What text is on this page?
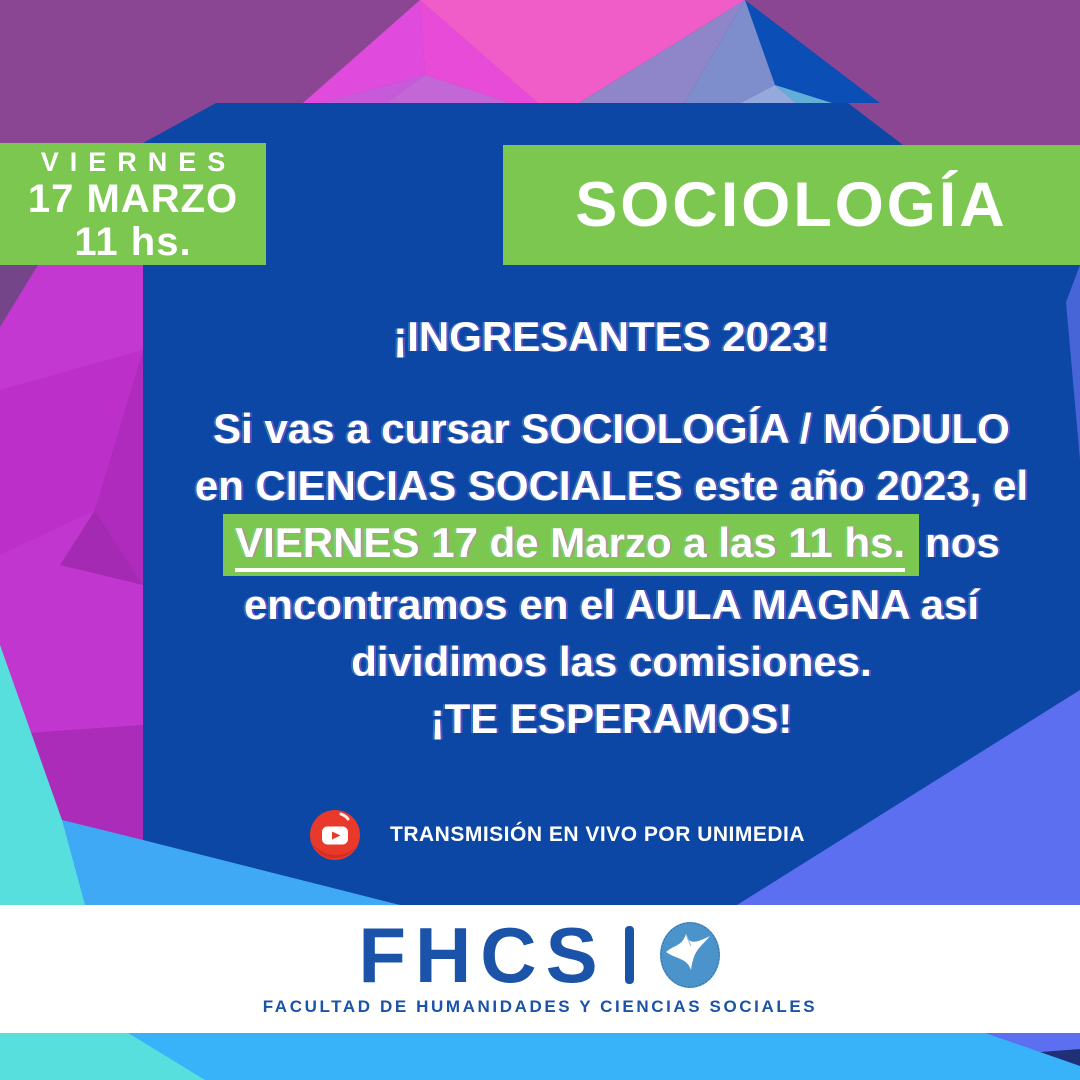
VIERNES
17 MARZO
11 hs.
SOCIOLOGÍA
¡INGRESANTES 2023!
Si vas a cursar SOCIOLOGÍA / MÓDULO
en CIENCIAS SOCIALES este año 2023, el
VIERNES 17 de Marzo a las 11 hs. nos
encontramos en el AULA MAGNA así
dividimos las comisiones.
¡TE ESPERAMOS!
TRANSMISIÓN EN VIVO POR UNIMEDIA
FHCS
FACULTAD DE HUMANIDADES Y CIENCIAS SOCIALES
